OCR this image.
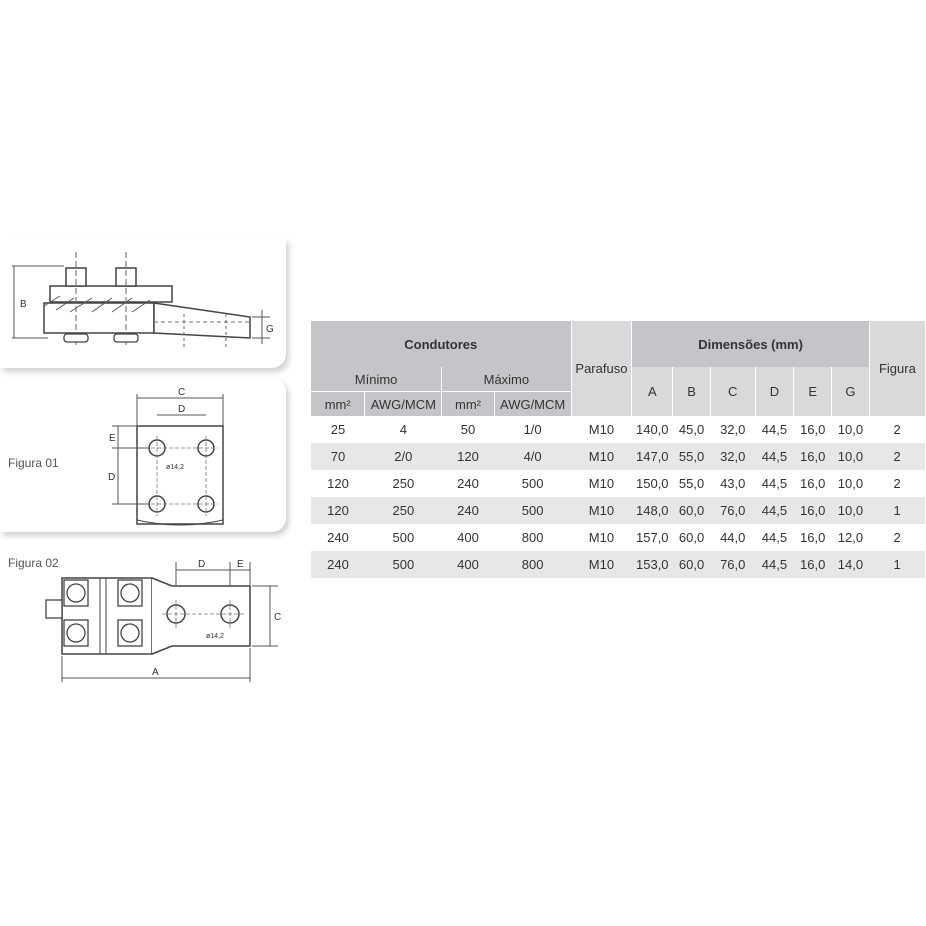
B
G
Figura 01
C
D
ø14,2
E
D
Figura 02
ø14,2
D	E
C
A
Condutores				Parafuso	Dimensões (mm)						Figura
Mínimo		Máximo			A	B	C	D	E	G	
mm²	AWG/MCM	mm²	AWG/MCM								
25	4	50	1/0	M10	140,0	45,0	32,0	44,5	16,0	10,0	2
70	2/0	120	4/0	M10	147,0	55,0	32,0	44,5	16,0	10,0	2
120	250	240	500	M10	150,0	55,0	43,0	44,5	16,0	10,0	2
120	250	240	500	M10	148,0	60,0	76,0	44,5	16,0	10,0	1
240	500	400	800	M10	157,0	60,0	44,0	44,5	16,0	12,0	2
240	500	400	800	M10	153,0	60,0	76,0	44,5	16,0	14,0	1
